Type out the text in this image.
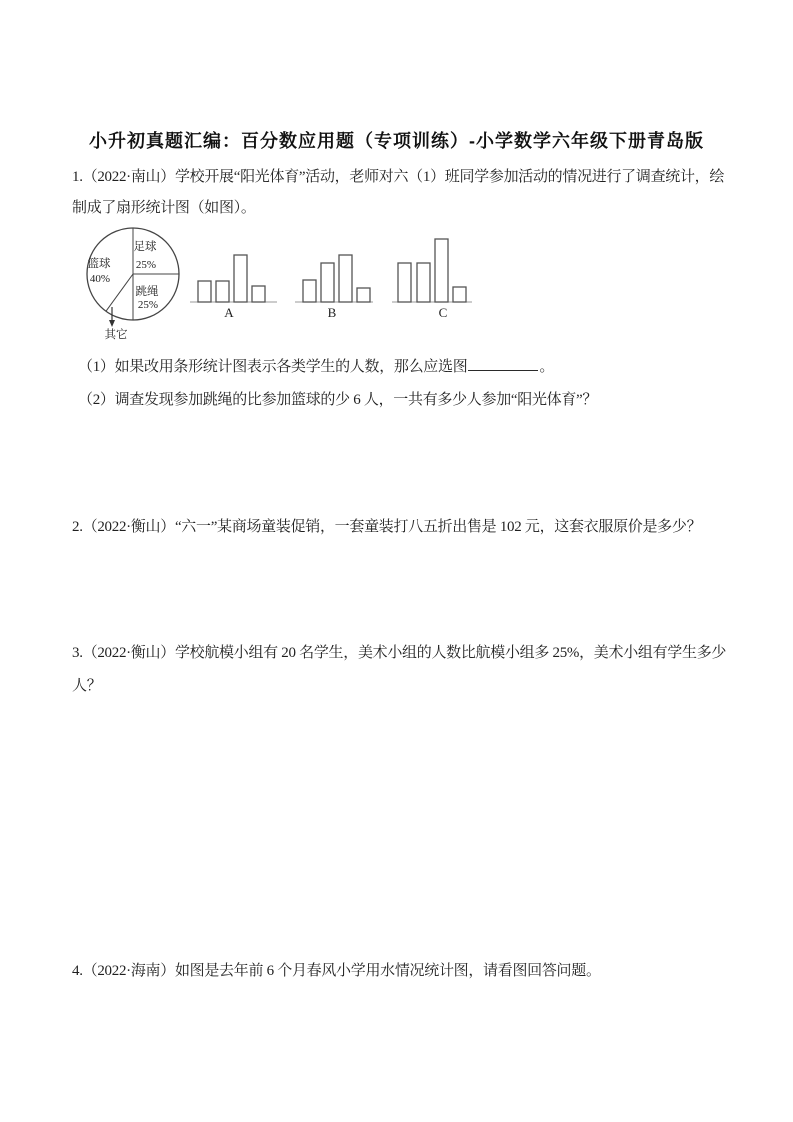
小升初真题汇编：百分数应用题（专项训练）-小学数学六年级下册青岛版
1.（2022·南山）学校开展“阳光体育”活动，老师对六（1）班同学参加活动的情况进行了调查统计，绘
制成了扇形统计图（如图）。
足球
25%
跳绳
25%
其它
篮球
40%
A	B	C
（1）如果改用条形统计图表示各类学生的人数，那么应选图	。
（2）调查发现参加跳绳的比参加篮球的少 6 人，一共有多少人参加“阳光体育”？
2.（2022·衡山）“六一”某商场童装促销，一套童装打八五折出售是 102 元，这套衣服原价是多少？
3.（2022·衡山）学校航模小组有 20 名学生，美术小组的人数比航模小组多 25%，美术小组有学生多少
人？
4.（2022·海南）如图是去年前 6 个月春风小学用水情况统计图，请看图回答问题。
